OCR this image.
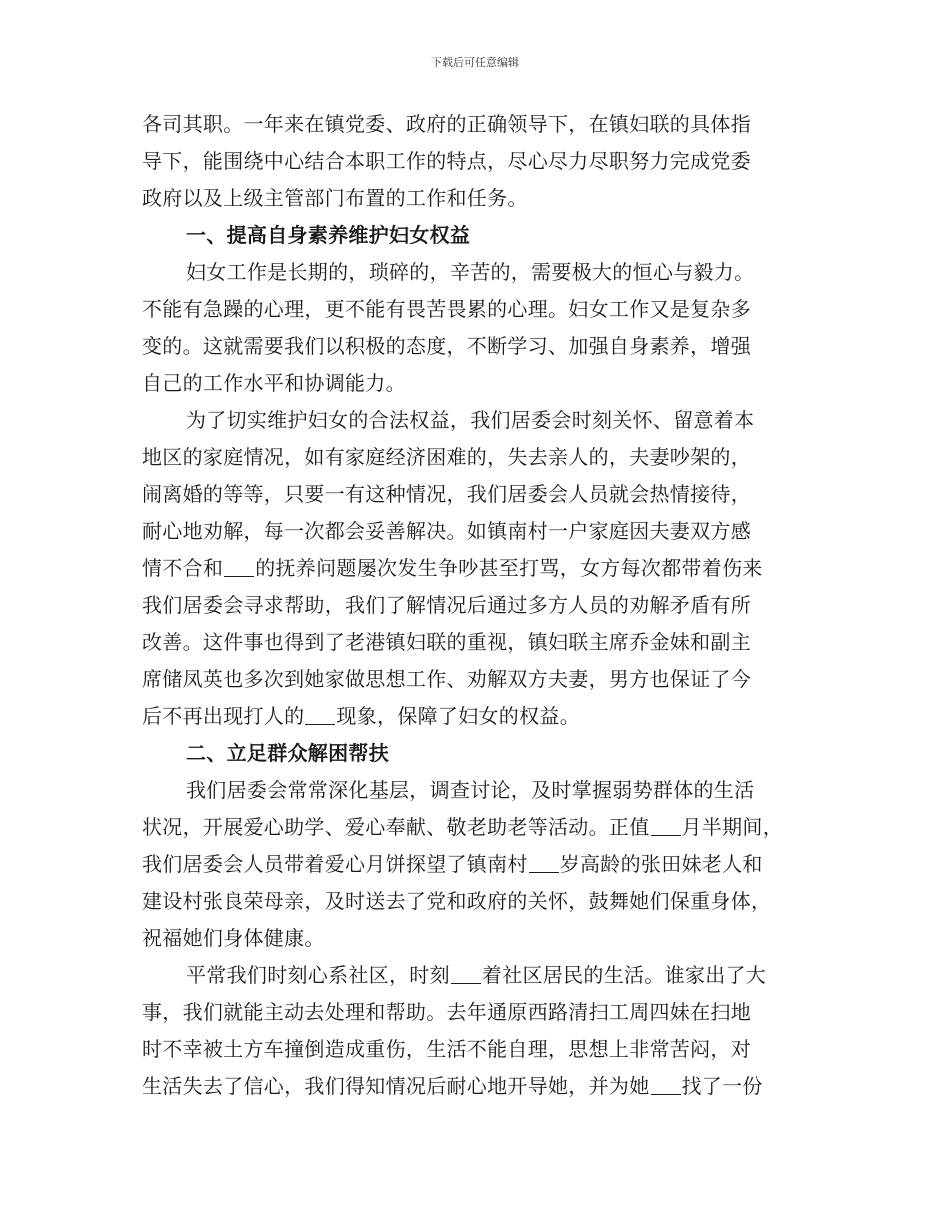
下载后可任意编辑
各司其职。一年来在镇党委、政府的正确领导下，在镇妇联的具体指
导下，能围绕中心结合本职工作的特点，尽心尽力尽职努力完成党委
政府以及上级主管部门布置的工作和任务。
一、提高自身素养维护妇女权益
妇女工作是长期的，琐碎的，辛苦的，需要极大的恒心与毅力。
不能有急躁的心理，更不能有畏苦畏累的心理。妇女工作又是复杂多
变的。这就需要我们以积极的态度，不断学习、加强自身素养，增强
自己的工作水平和协调能力。
为了切实维护妇女的合法权益，我们居委会时刻关怀、留意着本
地区的家庭情况，如有家庭经济困难的，失去亲人的，夫妻吵架的，
闹离婚的等等，只要一有这种情况，我们居委会人员就会热情接待，
耐心地劝解，每一次都会妥善解决。如镇南村一户家庭因夫妻双方感
情不合和 的抚养问题屡次发生争吵甚至打骂，女方每次都带着伤来
我们居委会寻求帮助，我们了解情况后通过多方人员的劝解矛盾有所
改善。这件事也得到了老港镇妇联的重视，镇妇联主席乔金妹和副主
席储凤英也多次到她家做思想工作、劝解双方夫妻，男方也保证了今
后不再出现打人的 现象，保障了妇女的权益。
二、立足群众解困帮扶
我们居委会常常深化基层，调查讨论，及时掌握弱势群体的生活
状况，开展爱心助学、爱心奉献、敬老助老等活动。正值 月半期间，
我们居委会人员带着爱心月饼探望了镇南村 岁高龄的张田妹老人和
建设村张良荣母亲，及时送去了党和政府的关怀，鼓舞她们保重身体，
祝福她们身体健康。
平常我们时刻心系社区，时刻 着社区居民的生活。谁家出了大
事，我们就能主动去处理和帮助。去年通原西路清扫工周四妹在扫地
时不幸被土方车撞倒造成重伤，生活不能自理，思想上非常苦闷，对
生活失去了信心，我们得知情况后耐心地开导她，并为她 找了一份
